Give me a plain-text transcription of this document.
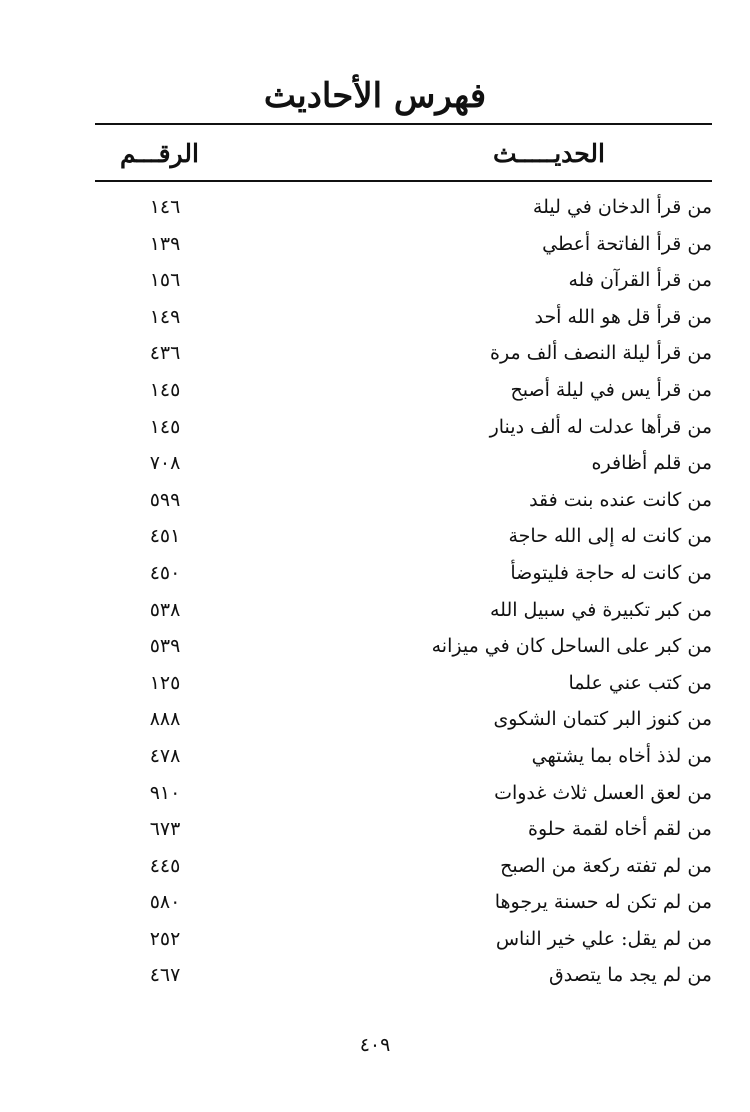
فهرس الأحاديث
الحديـــــث
الرقـــم
من قرأ الدخان في ليلة
١٤٦
من قرأ الفاتحة أعطي
١٣٩
من قرأ القرآن فله
١٥٦
من قرأ قل هو الله أحد
١٤٩
من قرأ ليلة النصف ألف مرة
٤٣٦
من قرأ يس في ليلة أصبح
١٤٥
من قرأها عدلت له ألف دينار
١٤٥
من قلم أظافره
٧٠٨
من كانت عنده بنت فقد
٥٩٩
من كانت له إلى الله حاجة
٤٥١
من كانت له حاجة فليتوضأ
٤٥٠
من كبر تكبيرة في سبيل الله
٥٣٨
من كبر على الساحل كان في ميزانه
٥٣٩
من كتب عني علما
١٢٥
من كنوز البر كتمان الشكوى
٨٨٨
من لذذ أخاه بما يشتهي
٤٧٨
من لعق العسل ثلاث غدوات
٩١٠
من لقم أخاه لقمة حلوة
٦٧٣
من لم تفته ركعة من الصبح
٤٤٥
من لم تكن له حسنة يرجوها
٥٨٠
من لم يقل: علي خير الناس
٢٥٢
من لم يجد ما يتصدق
٤٦٧
٤٠٩
